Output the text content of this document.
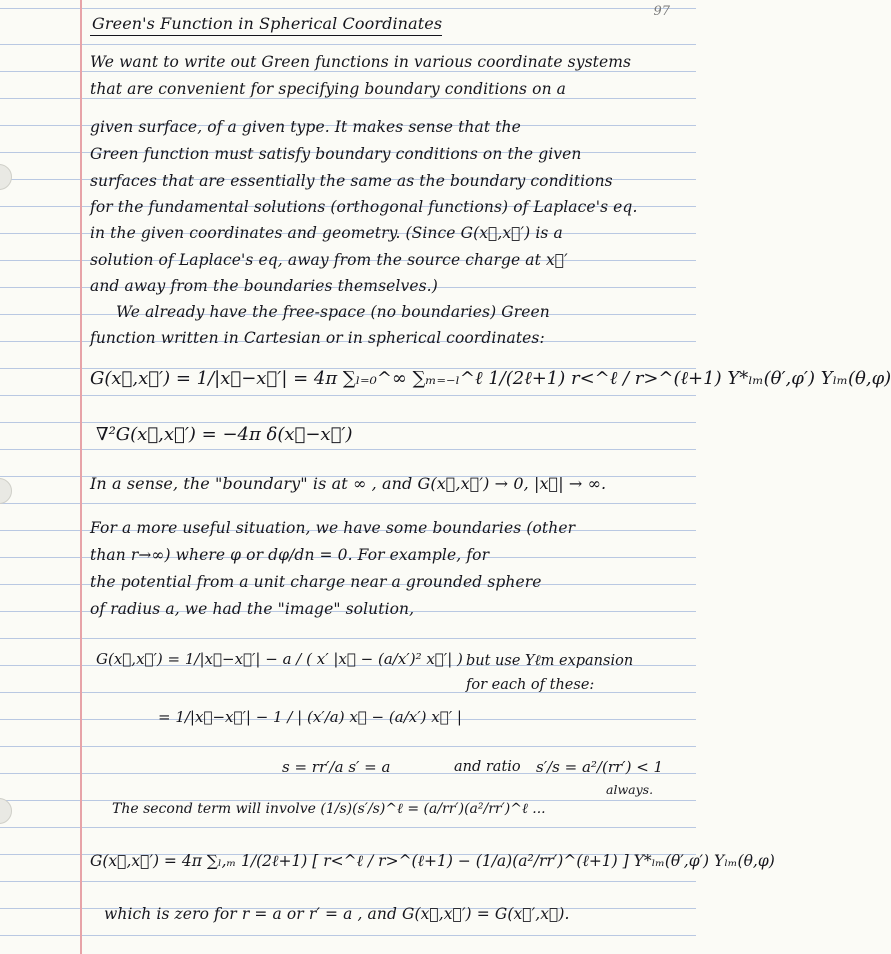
97
Green's Function in Spherical Coordinates
We want to write out Green functions in various coordinate systems
that are convenient for specifying boundary conditions on a
given surface, of a given type. It makes sense that the
Green function must satisfy boundary conditions on the given
surfaces that are essentially the same as the boundary conditions
for the fundamental solutions (orthogonal functions) of Laplace's eq.
in the given coordinates and geometry. (Since G(x⃗,x⃗′) is a
solution of Laplace's eq, away from the source charge at x⃗′
and away from the boundaries themselves.)
We already have the free-space (no boundaries) Green
function written in Cartesian or in spherical coordinates:
G(x⃗,x⃗′) = 1/|x⃗−x⃗′| = 4π ∑ₗ₌₀^∞ ∑ₘ₌₋ₗ^ℓ 1/(2ℓ+1) r<^ℓ / r>^(ℓ+1) Y*ₗₘ(θ′,φ′) Yₗₘ(θ,φ)
∇²G(x⃗,x⃗′) = −4π δ(x⃗−x⃗′)
In a sense, the "boundary" is at ∞ , and G(x⃗,x⃗′) → 0, |x⃗| → ∞.
For a more useful situation, we have some boundaries (other
than r→∞) where φ or dφ/dn = 0. For example, for
the potential from a unit charge near a grounded sphere
of radius a, we had the "image" solution,
G(x⃗,x⃗′) = 1/|x⃗−x⃗′| − a / ( x′ |x⃗ − (a/x′)² x⃗′| ) but use Yℓm expansion
for each of these:
= 1/|x⃗−x⃗′| − 1 / | (x′/a) x⃗ − (a/x′) x⃗′ |
s = rr′/a s′ = a	and ratio s′/s = a²/(rr′) < 1
always.
The second term will involve (1/s)(s′/s)^ℓ = (a/rr′)(a²/rr′)^ℓ ...
G(x⃗,x⃗′) = 4π ∑ₗ,ₘ 1/(2ℓ+1) [ r<^ℓ / r>^(ℓ+1) − (1/a)(a²/rr′)^(ℓ+1) ] Y*ₗₘ(θ′,φ′) Yₗₘ(θ,φ)
which is zero for r = a or r′ = a , and G(x⃗,x⃗′) = G(x⃗′,x⃗).
